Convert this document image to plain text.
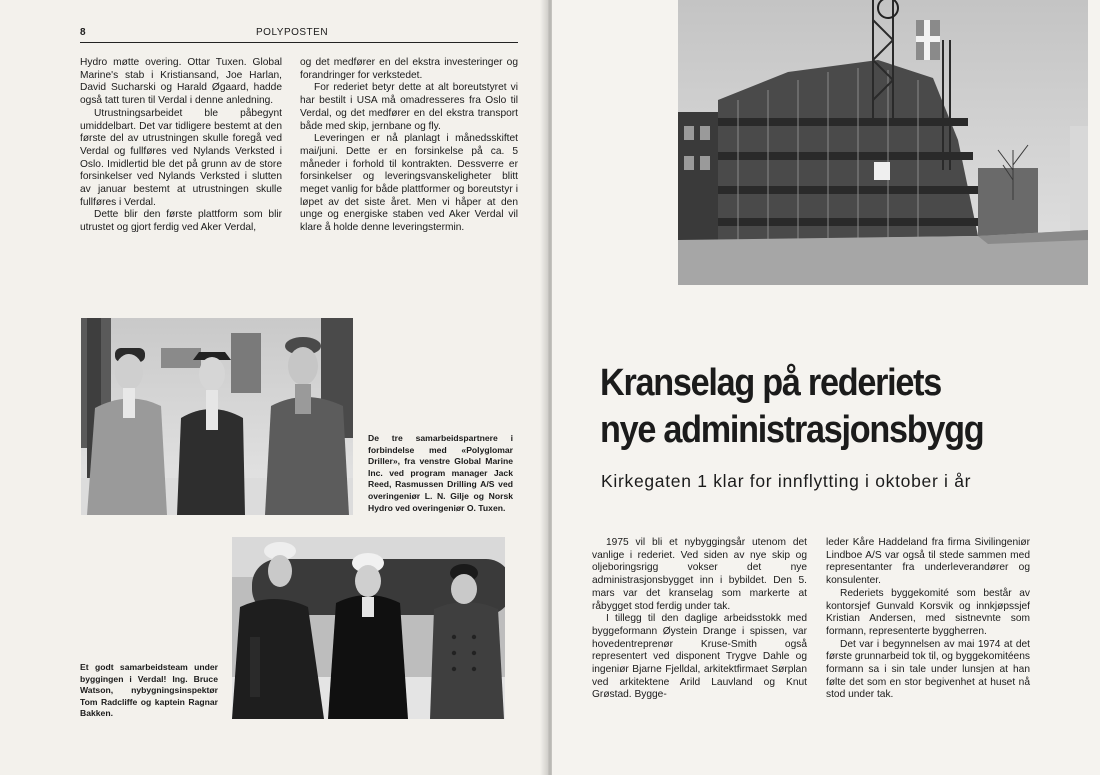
8	POLYPOSTEN

Hydro møtte overing. Ottar Tuxen. Global Marine's stab i Kristiansand, Joe Harlan, David Sucharski og Harald Øgaard, hadde også tatt turen til Verdal i denne anledning.

Utrustningsarbeidet ble påbegynt umiddelbart. Det var tidligere bestemt at den første del av utrustningen skulle foregå ved Verdal og fullføres ved Nylands Verksted i Oslo. Imidlertid ble det på grunn av de store forsinkelser ved Nylands Verksted i slutten av januar bestemt at utrustningen skulle fullføres i Verdal.

Dette blir den første plattform som blir utrustet og gjort ferdig ved Aker Verdal,

og det medfører en del ekstra investeringer og forandringer for verkstedet.

For rederiet betyr dette at alt boreutstyret vi har bestilt i USA må omadresseres fra Oslo til Verdal, og det medfører en del ekstra transport både med skip, jernbane og fly.

Leveringen er nå planlagt i månedsskiftet mai/juni. Dette er en forsinkelse på ca. 5 måneder i forhold til kontrakten. Dessverre er forsinkelser og leveringsvanskeligheter blitt meget vanlig for både plattformer og boreutstyr i løpet av det siste året. Men vi håper at den unge og energiske staben ved Aker Verdal vil klare å holde denne leveringstermin.

De tre samarbeidspartnere i forbindelse med «Polyglomar Driller», fra venstre Global Marine Inc. ved program manager Jack Reed, Rasmussen Drilling A/S ved overingeniør L. N. Gilje og Norsk Hydro ved overingeniør O. Tuxen.
Et godt samarbeidsteam under byggingen i Verdal! Ing. Bruce Watson, nybygningsinspektør Tom Radcliffe og kaptein Ragnar Bakken.
Kranselag på rederiets
nye administrasjonsbygg
Kirkegaten 1 klar for innflytting i oktober i år

1975 vil bli et nybyggingsår utenom det vanlige i rederiet. Ved siden av nye skip og oljeboringsrigg vokser det nye administrasjonsbygget inn i bybildet. Den 5. mars var det kranselag som markerte at råbygget stod ferdig under tak.

I tillegg til den daglige arbeidsstokk med byggeformann Øystein Drange i spissen, var hovedentreprenør Kruse-Smith også representert ved disponent Trygve Dahle og ingeniør Bjarne Fjelldal, arkitektfirmaet Sørplan ved arkitektene Arild Lauvland og Knut Grøstad. Bygge-

leder Kåre Haddeland fra firma Sivilingeniør Lindboe A/S var også til stede sammen med representanter fra underleverandører og konsulenter.

Rederiets byggekomité som består av kontorsjef Gunvald Korsvik og innkjøpssjef Kristian Andersen, med sistnevnte som formann, representerte byggherren.

Det var i begynnelsen av mai 1974 at det første grunnarbeid tok til, og byggekomitéens formann sa i sin tale under lunsjen at han følte det som en stor begivenhet at huset nå stod under tak.
